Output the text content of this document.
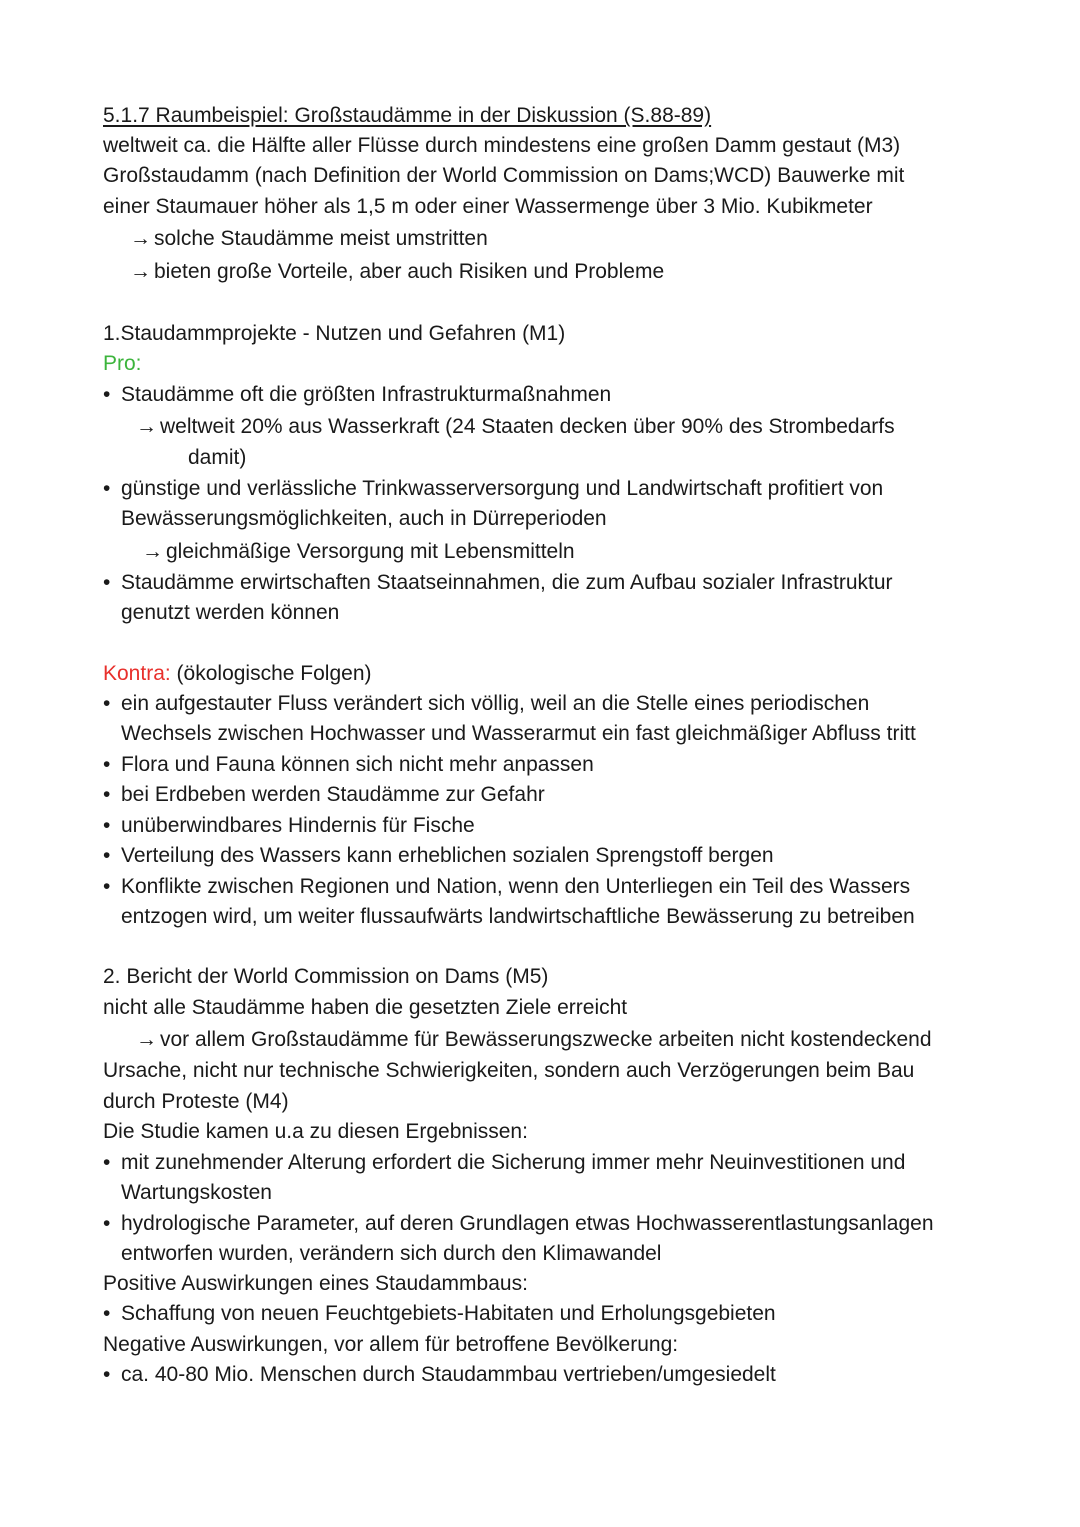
5.1.7 Raumbeispiel: Großstaudämme in der Diskussion (S.88-89)
weltweit ca. die Hälfte aller Flüsse durch mindestens eine großen Damm gestaut (M3)
Großstaudamm (nach Definition der World Commission on Dams;WCD) Bauwerke mit
einer Staumauer höher als 1,5 m oder einer Wassermenge über 3 Mio. Kubikmeter
→ solche Staudämme meist umstritten
→ bieten große Vorteile, aber auch Risiken und Probleme
1.Staudammprojekte - Nutzen und Gefahren (M1)
Pro:
• Staudämme oft die größten Infrastrukturmaßnahmen
→ weltweit 20% aus Wasserkraft (24 Staaten decken über 90% des Strombedarfs
damit)
• günstige und verlässliche Trinkwasserversorgung und Landwirtschaft profitiert von
Bewässerungsmöglichkeiten, auch in Dürreperioden
→ gleichmäßige Versorgung mit Lebensmitteln
• Staudämme erwirtschaften Staatseinnahmen, die zum Aufbau sozialer Infrastruktur
genutzt werden können
Kontra: (ökologische Folgen)
• ein aufgestauter Fluss verändert sich völlig, weil an die Stelle eines periodischen
Wechsels zwischen Hochwasser und Wasserarmut ein fast gleichmäßiger Abfluss tritt
• Flora und Fauna können sich nicht mehr anpassen
• bei Erdbeben werden Staudämme zur Gefahr
• unüberwindbares Hindernis für Fische
• Verteilung des Wassers kann erheblichen sozialen Sprengstoff bergen
• Konflikte zwischen Regionen und Nation, wenn den Unterliegen ein Teil des Wassers
entzogen wird, um weiter flussaufwärts landwirtschaftliche Bewässerung zu betreiben
2. Bericht der World Commission on Dams (M5)
nicht alle Staudämme haben die gesetzten Ziele erreicht
→ vor allem Großstaudämme für Bewässerungszwecke arbeiten nicht kostendeckend
Ursache, nicht nur technische Schwierigkeiten, sondern auch Verzögerungen beim Bau
durch Proteste (M4)
Die Studie kamen u.a zu diesen Ergebnissen:
• mit zunehmender Alterung erfordert die Sicherung immer mehr Neuinvestitionen und
Wartungskosten
• hydrologische Parameter, auf deren Grundlagen etwas Hochwasserentlastungsanlagen
entworfen wurden, verändern sich durch den Klimawandel
Positive Auswirkungen eines Staudammbaus:
• Schaffung von neuen Feuchtgebiets-Habitaten und Erholungsgebieten
Negative Auswirkungen, vor allem für betroffene Bevölkerung:
• ca. 40-80 Mio. Menschen durch Staudammbau vertrieben/umgesiedelt
